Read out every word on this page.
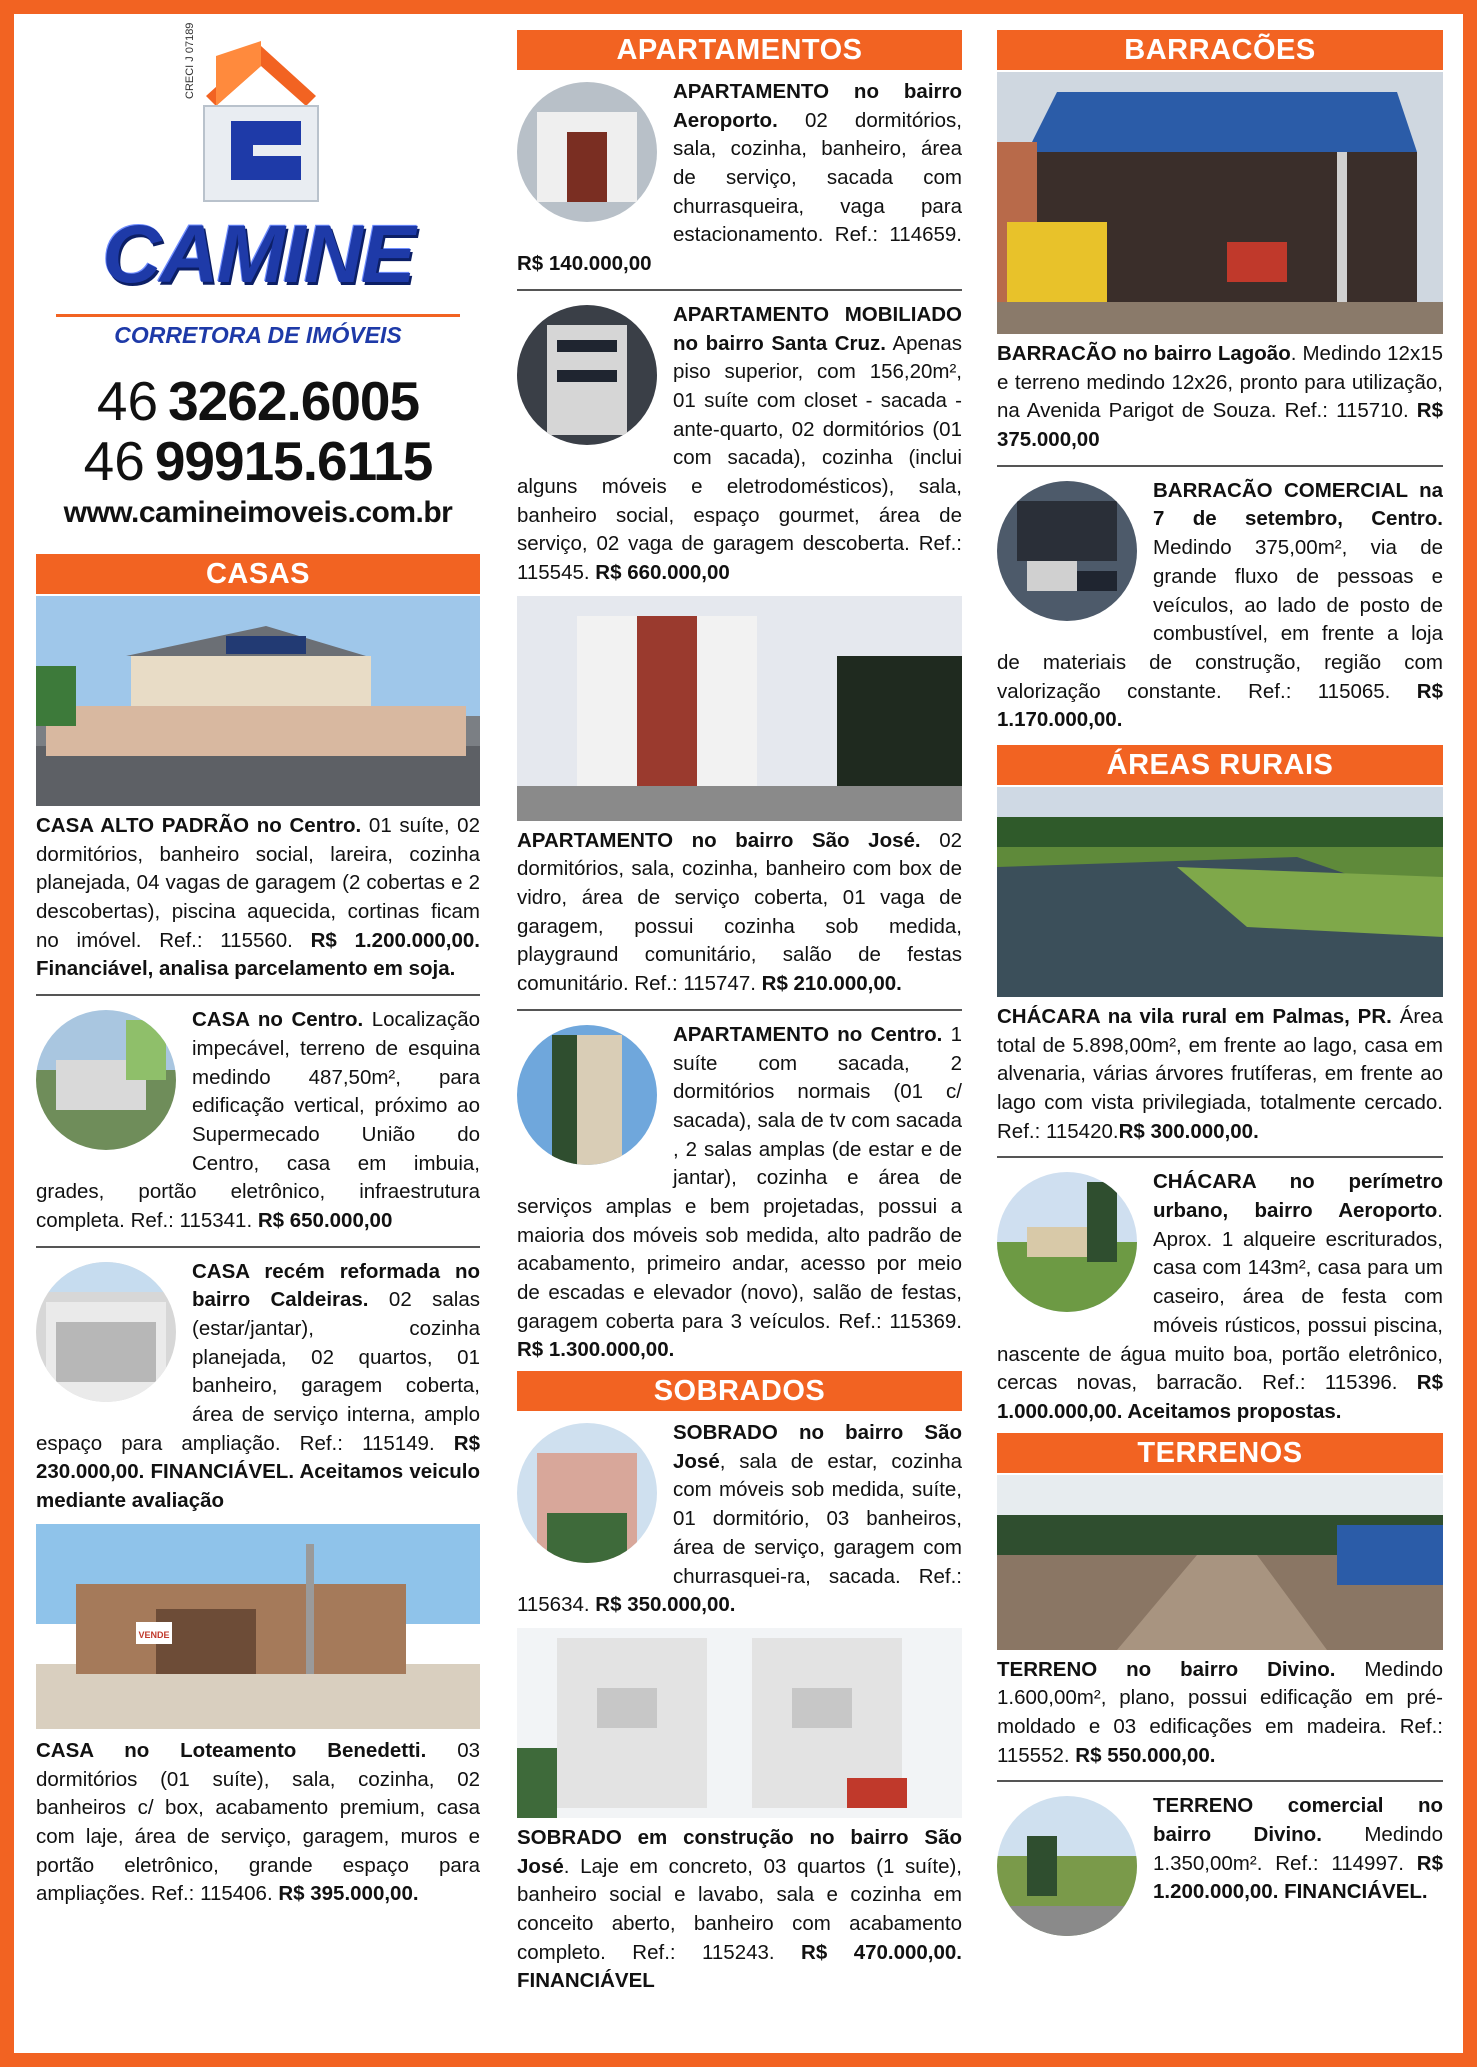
CRECI J 07189
CAMINE
CORRETORA DE IMÓVEIS
46 3262.6005
46 99915.6115
www.camineimoveis.com.br
CASAS
CASA ALTO PADRÃO no Centro. 01 suíte, 02 dormitórios, banheiro social, lareira, cozinha planejada, 04 vagas de garagem (2 cobertas e 2 descobertas), piscina aquecida, cortinas ficam no imóvel. Ref.: 115560. R$ 1.200.000,00. Financiável, analisa parcelamento em soja.
CASA no Centro. Localização impecável, terreno de esquina medindo 487,50m², para edificação vertical, próximo ao Supermecado União do Centro, casa em imbuia, grades, portão eletrônico, infraestrutura completa. Ref.: 115341. R$ 650.000,00
CASA recém reformada no bairro Caldeiras. 02 salas (estar/jantar), cozinha planejada, 02 quartos, 01 banheiro, garagem coberta, área de serviço interna, amplo espaço para ampliação. Ref.: 115149. R$ 230.000,00. FINANCIÁVEL. Aceitamos veiculo mediante avaliação
VENDE
CASA no Loteamento Benedetti. 03 dormitórios (01 suíte), sala, cozinha, 02 banheiros c/ box, acabamento premium, casa com laje, área de serviço, garagem, muros e portão eletrônico, grande espaço para ampliações. Ref.: 115406. R$ 395.000,00.
APARTAMENTOS
APARTAMENTO no bairro Aeroporto. 02 dormitórios, sala, cozinha, banheiro, área de serviço, sacada com churrasqueira, vaga para estacionamento. Ref.: 114659. R$ 140.000,00
APARTAMENTO MOBILIADO no bairro Santa Cruz. Apenas piso superior, com 156,20m², 01 suíte com closet - sacada - ante-quarto, 02 dormitórios (01 com sacada), cozinha (inclui alguns móveis e eletrodomésticos), sala, banheiro social, espaço gourmet, área de serviço, 02 vaga de garagem descoberta. Ref.: 115545. R$ 660.000,00
APARTAMENTO no bairro São José. 02 dormitórios, sala, cozinha, banheiro com box de vidro, área de serviço coberta, 01 vaga de garagem, possui cozinha sob medida, playgraund comunitário, salão de festas comunitário. Ref.: 115747. R$ 210.000,00.
APARTAMENTO no Centro. 1 suíte com sacada, 2 dormitórios normais (01 c/ sacada), sala de tv com sacada , 2 salas amplas (de estar e de jantar), cozinha e área de serviços amplas e bem projetadas, possui a maioria dos móveis sob medida, alto padrão de acabamento, primeiro andar, acesso por meio de escadas e elevador (novo), salão de festas, garagem coberta para 3 veículos. Ref.: 115369. R$ 1.300.000,00.
SOBRADOS
SOBRADO no bairro São José, sala de estar, cozinha com móveis sob medida, suíte, 01 dormitório, 03 banheiros, área de serviço, garagem com churrasquei-ra, sacada. Ref.: 115634. R$ 350.000,00.
SOBRADO em construção no bairro São José. Laje em concreto, 03 quartos (1 suíte), banheiro social e lavabo, sala e cozinha em conceito aberto, banheiro com acabamento completo. Ref.: 115243. R$ 470.000,00. FINANCIÁVEL
BARRACÕES
BARRACÃO no bairro Lagoão. Medindo 12x15 e terreno medindo 12x26, pronto para utilização, na Avenida Parigot de Souza. Ref.: 115710. R$ 375.000,00
BARRACÃO COMERCIAL na 7 de setembro, Centro. Medindo 375,00m², via de grande fluxo de pessoas e veículos, ao lado de posto de combustível, em frente a loja de materiais de construção, região com valorização constante. Ref.: 115065. R$ 1.170.000,00.
ÁREAS RURAIS
CHÁCARA na vila rural em Palmas, PR. Área total de 5.898,00m², em frente ao lago, casa em alvenaria, várias árvores frutíferas, em frente ao lago com vista privilegiada, totalmente cercado. Ref.: 115420.R$ 300.000,00.
CHÁCARA no perímetro urbano, bairro Aeroporto. Aprox. 1 alqueire escriturados, casa com 143m², casa para um caseiro, área de festa com móveis rústicos, possui piscina, nascente de água muito boa, portão eletrônico, cercas novas, barracão. Ref.: 115396. R$ 1.000.000,00. Aceitamos propostas.
TERRENOS
TERRENO no bairro Divino. Medindo 1.600,00m², plano, possui edificação em pré-moldado e 03 edificações em madeira. Ref.: 115552. R$ 550.000,00.
TERRENO comercial no bairro Divino. Medindo 1.350,00m². Ref.: 114997. R$ 1.200.000,00. FINANCIÁVEL.
